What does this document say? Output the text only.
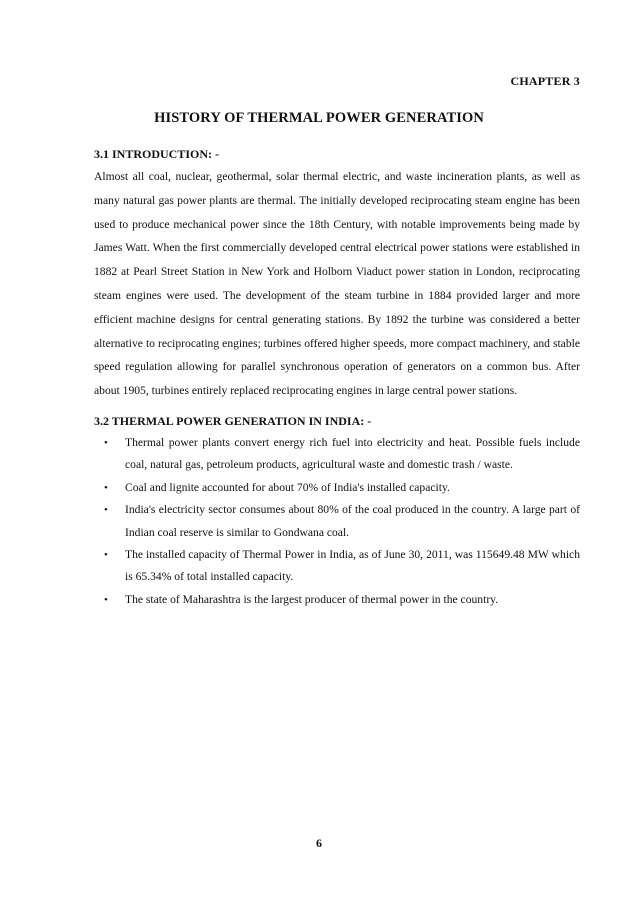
CHAPTER 3
HISTORY OF THERMAL POWER GENERATION
3.1 INTRODUCTION: -

Almost all coal, nuclear, geothermal, solar thermal electric, and waste incineration plants, as well as many natural gas power plants are thermal. The initially developed reciprocating steam engine has been used to produce mechanical power since the 18th Century, with notable improvements being made by James Watt. When the first commercially developed central electrical power stations were established in 1882 at Pearl Street Station in New York and Holborn Viaduct power station in London, reciprocating steam engines were used. The development of the steam turbine in 1884 provided larger and more efficient machine designs for central generating stations. By 1892 the turbine was considered a better alternative to reciprocating engines; turbines offered higher speeds, more compact machinery, and stable speed regulation allowing for parallel synchronous operation of generators on a common bus. After about 1905, turbines entirely replaced reciprocating engines in large central power stations.

3.2 THERMAL POWER GENERATION IN INDIA: -
• Thermal power plants convert energy rich fuel into electricity and heat. Possible fuels include coal, natural gas, petroleum products, agricultural waste and domestic trash / waste.
• Coal and lignite accounted for about 70% of India's installed capacity.
• India's electricity sector consumes about 80% of the coal produced in the country. A large part of Indian coal reserve is similar to Gondwana coal.
• The installed capacity of Thermal Power in India, as of June 30, 2011, was 115649.48 MW which is 65.34% of total installed capacity.
• The state of Maharashtra is the largest producer of thermal power in the country.
6
